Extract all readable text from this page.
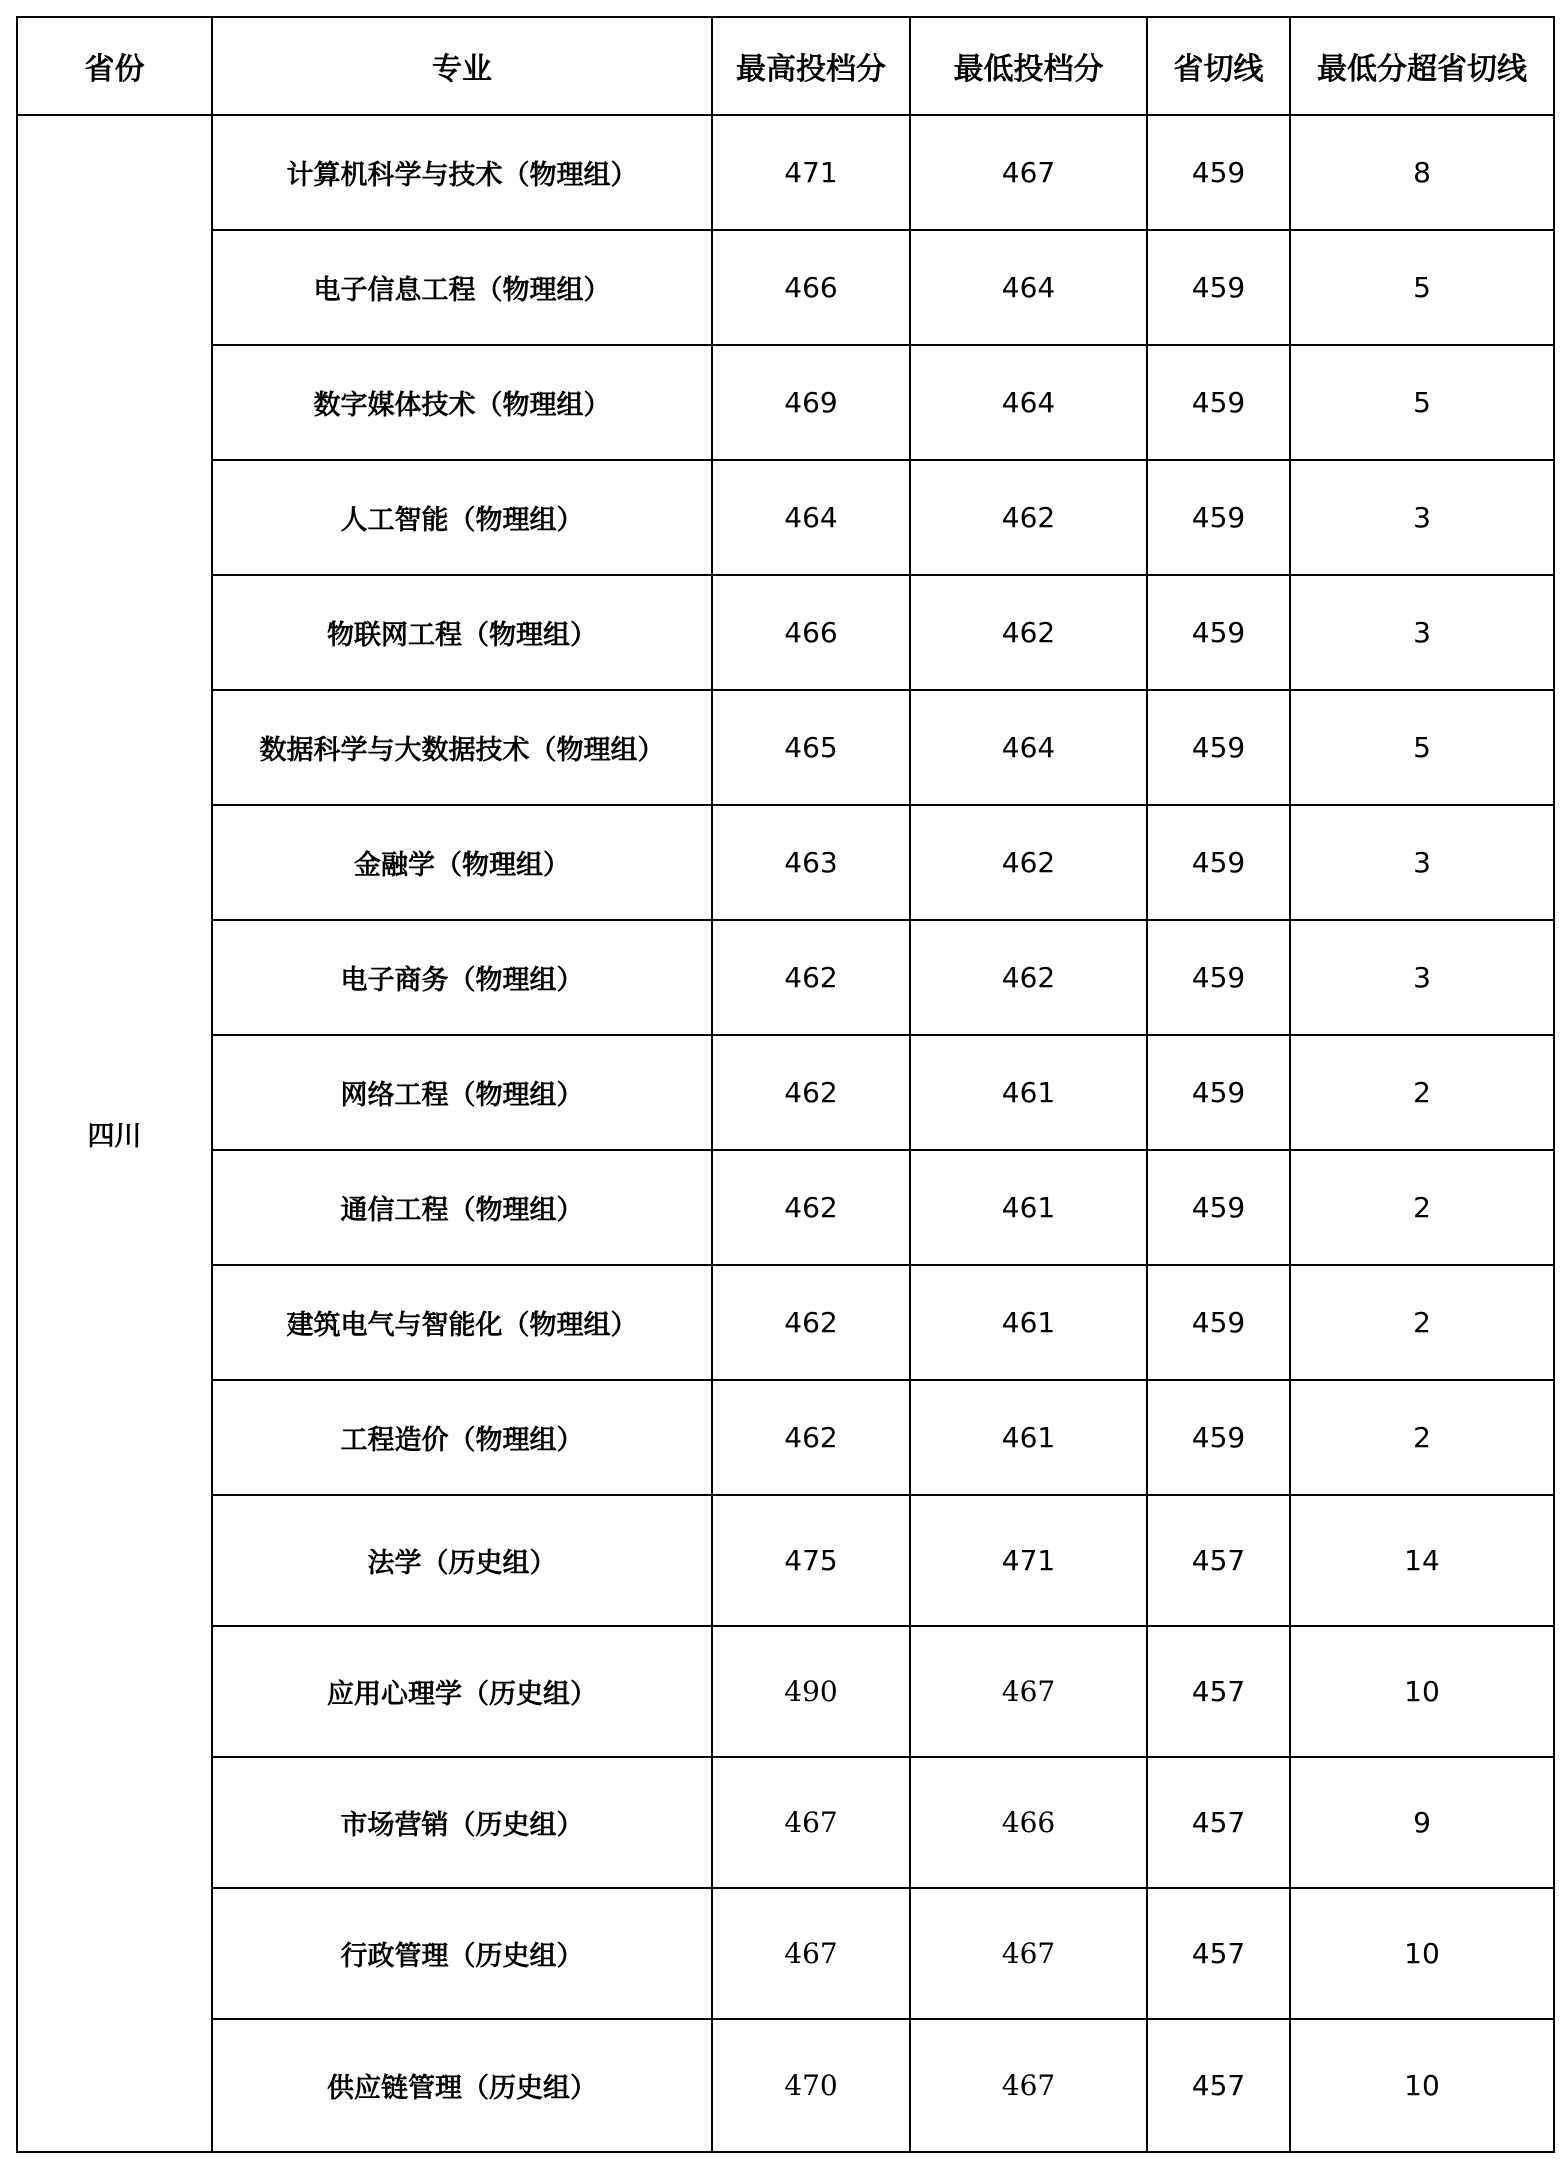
省份	专业	最高投档分	最低投档分	省切线	最低分超省切线
四川	计算机科学与技术（物理组）	471	467	459	8
	电子信息工程（物理组）	466	464	459	5
	数字媒体技术（物理组）	469	464	459	5
	人工智能（物理组）	464	462	459	3
	物联网工程（物理组）	466	462	459	3
	数据科学与大数据技术（物理组）	465	464	459	5
	金融学（物理组）	463	462	459	3
	电子商务（物理组）	462	462	459	3
	网络工程（物理组）	462	461	459	2
	通信工程（物理组）	462	461	459	2
	建筑电气与智能化（物理组）	462	461	459	2
	工程造价（物理组）	462	461	459	2
	法学（历史组）	475	471	457	14
	应用心理学（历史组）	490	467	457	10
	市场营销（历史组）	467	466	457	9
	行政管理（历史组）	467	467	457	10
	供应链管理（历史组）	470	467	457	10
